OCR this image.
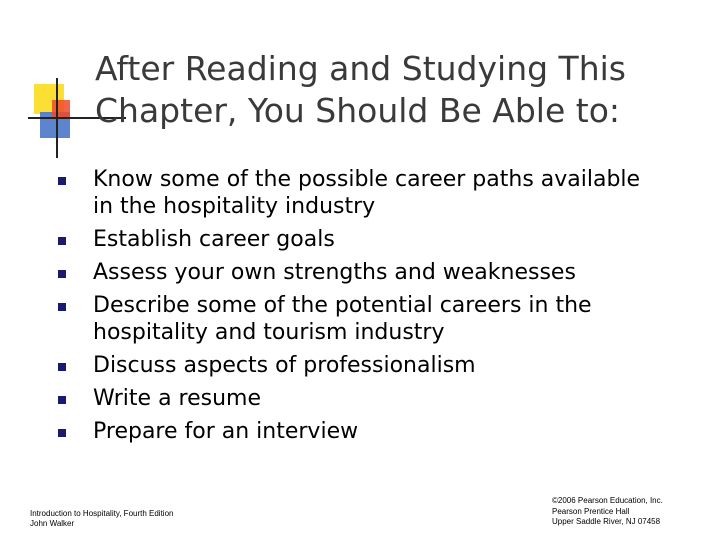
After Reading and Studying This
Chapter, You Should Be Able to:
Know some of the possible career paths available
in the hospitality industry
Establish career goals
Assess your own strengths and weaknesses
Describe some of the potential careers in the
hospitality and tourism industry
Discuss aspects of professionalism
Write a resume
Prepare for an interview
Introduction to Hospitality, Fourth Edition
John Walker
©2006 Pearson Education, Inc.
Pearson Prentice Hall
Upper Saddle River, NJ 07458
